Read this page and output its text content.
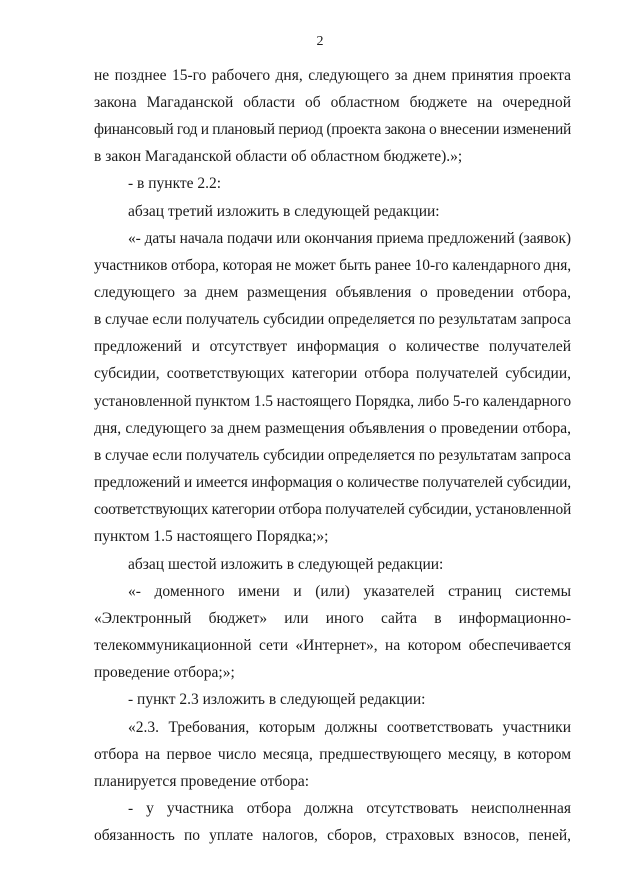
2
не позднее 15-го рабочего дня, следующего за днем принятия проекта
закона Магаданской области об областном бюджете на очередной
финансовый год и плановый период (проекта закона о внесении изменений
в закон Магаданской области об областном бюджете).»;
- в пункте 2.2:
абзац третий изложить в следующей редакции:
«- даты начала подачи или окончания приема предложений (заявок)
участников отбора, которая не может быть ранее 10-го календарного дня,
следующего за днем размещения объявления о проведении отбора,
в случае если получатель субсидии определяется по результатам запроса
предложений и отсутствует информация о количестве получателей
субсидии, соответствующих категории отбора получателей субсидии,
установленной пунктом 1.5 настоящего Порядка, либо 5-го календарного
дня, следующего за днем размещения объявления о проведении отбора,
в случае если получатель субсидии определяется по результатам запроса
предложений и имеется информация о количестве получателей субсидии,
соответствующих категории отбора получателей субсидии, установленной
пунктом 1.5 настоящего Порядка;»;
абзац шестой изложить в следующей редакции:
«- доменного имени и (или) указателей страниц системы
«Электронный бюджет» или иного сайта в информационно-
телекоммуникационной сети «Интернет», на котором обеспечивается
проведение отбора;»;
- пункт 2.3 изложить в следующей редакции:
«2.3. Требования, которым должны соответствовать участники
отбора на первое число месяца, предшествующего месяцу, в котором
планируется проведение отбора:
- у участника отбора должна отсутствовать неисполненная
обязанность по уплате налогов, сборов, страховых взносов, пеней,
